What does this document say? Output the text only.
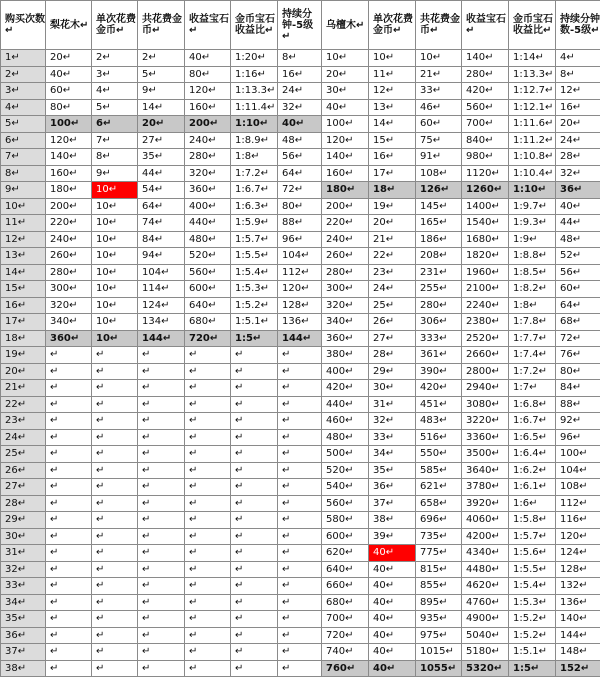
购买次数↵	梨花木↵	单次花费金币↵	共花费金币↵	收益宝石↵	金币宝石收益比↵	持续分钟-5级↵	乌檀木↵	单次花费金币↵	共花费金币↵	收益宝石↵	金币宝石收益比↵	持续分钟数-5级↵
1↵	20↵	2↵	2↵	40↵	1:20↵	8↵	10↵	10↵	10↵	140↵	1:14↵	4↵
2↵	40↵	3↵	5↵	80↵	1:16↵	16↵	20↵	11↵	21↵	280↵	1:13.3↵	8↵
3↵	60↵	4↵	9↵	120↵	1:13.3↵	24↵	30↵	12↵	33↵	420↵	1:12.7↵	12↵
4↵	80↵	5↵	14↵	160↵	1:11.4↵	32↵	40↵	13↵	46↵	560↵	1:12.1↵	16↵
5↵	100↵	6↵	20↵	200↵	1:10↵	40↵	100↵	14↵	60↵	700↵	1:11.6↵	20↵
6↵	120↵	7↵	27↵	240↵	1:8.9↵	48↵	120↵	15↵	75↵	840↵	1:11.2↵	24↵
7↵	140↵	8↵	35↵	280↵	1:8↵	56↵	140↵	16↵	91↵	980↵	1:10.8↵	28↵
8↵	160↵	9↵	44↵	320↵	1:7.2↵	64↵	160↵	17↵	108↵	1120↵	1:10.4↵	32↵
9↵	180↵	10↵	54↵	360↵	1:6.7↵	72↵	180↵	18↵	126↵	1260↵	1:10↵	36↵
10↵	200↵	10↵	64↵	400↵	1:6.3↵	80↵	200↵	19↵	145↵	1400↵	1:9.7↵	40↵
11↵	220↵	10↵	74↵	440↵	1:5.9↵	88↵	220↵	20↵	165↵	1540↵	1:9.3↵	44↵
12↵	240↵	10↵	84↵	480↵	1:5.7↵	96↵	240↵	21↵	186↵	1680↵	1:9↵	48↵
13↵	260↵	10↵	94↵	520↵	1:5.5↵	104↵	260↵	22↵	208↵	1820↵	1:8.8↵	52↵
14↵	280↵	10↵	104↵	560↵	1:5.4↵	112↵	280↵	23↵	231↵	1960↵	1:8.5↵	56↵
15↵	300↵	10↵	114↵	600↵	1:5.3↵	120↵	300↵	24↵	255↵	2100↵	1:8.2↵	60↵
16↵	320↵	10↵	124↵	640↵	1:5.2↵	128↵	320↵	25↵	280↵	2240↵	1:8↵	64↵
17↵	340↵	10↵	134↵	680↵	1:5.1↵	136↵	340↵	26↵	306↵	2380↵	1:7.8↵	68↵
18↵	360↵	10↵	144↵	720↵	1:5↵	144↵	360↵	27↵	333↵	2520↵	1:7.7↵	72↵
19↵	↵	↵	↵	↵	↵	↵	380↵	28↵	361↵	2660↵	1:7.4↵	76↵
20↵	↵	↵	↵	↵	↵	↵	400↵	29↵	390↵	2800↵	1:7.2↵	80↵
21↵	↵	↵	↵	↵	↵	↵	420↵	30↵	420↵	2940↵	1:7↵	84↵
22↵	↵	↵	↵	↵	↵	↵	440↵	31↵	451↵	3080↵	1:6.8↵	88↵
23↵	↵	↵	↵	↵	↵	↵	460↵	32↵	483↵	3220↵	1:6.7↵	92↵
24↵	↵	↵	↵	↵	↵	↵	480↵	33↵	516↵	3360↵	1:6.5↵	96↵
25↵	↵	↵	↵	↵	↵	↵	500↵	34↵	550↵	3500↵	1:6.4↵	100↵
26↵	↵	↵	↵	↵	↵	↵	520↵	35↵	585↵	3640↵	1:6.2↵	104↵
27↵	↵	↵	↵	↵	↵	↵	540↵	36↵	621↵	3780↵	1:6.1↵	108↵
28↵	↵	↵	↵	↵	↵	↵	560↵	37↵	658↵	3920↵	1:6↵	112↵
29↵	↵	↵	↵	↵	↵	↵	580↵	38↵	696↵	4060↵	1:5.8↵	116↵
30↵	↵	↵	↵	↵	↵	↵	600↵	39↵	735↵	4200↵	1:5.7↵	120↵
31↵	↵	↵	↵	↵	↵	↵	620↵	40↵	775↵	4340↵	1:5.6↵	124↵
32↵	↵	↵	↵	↵	↵	↵	640↵	40↵	815↵	4480↵	1:5.5↵	128↵
33↵	↵	↵	↵	↵	↵	↵	660↵	40↵	855↵	4620↵	1:5.4↵	132↵
34↵	↵	↵	↵	↵	↵	↵	680↵	40↵	895↵	4760↵	1:5.3↵	136↵
35↵	↵	↵	↵	↵	↵	↵	700↵	40↵	935↵	4900↵	1:5.2↵	140↵
36↵	↵	↵	↵	↵	↵	↵	720↵	40↵	975↵	5040↵	1:5.2↵	144↵
37↵	↵	↵	↵	↵	↵	↵	740↵	40↵	1015↵	5180↵	1:5.1↵	148↵
38↵	↵	↵	↵	↵	↵	↵	760↵	40↵	1055↵	5320↵	1:5↵	152↵
